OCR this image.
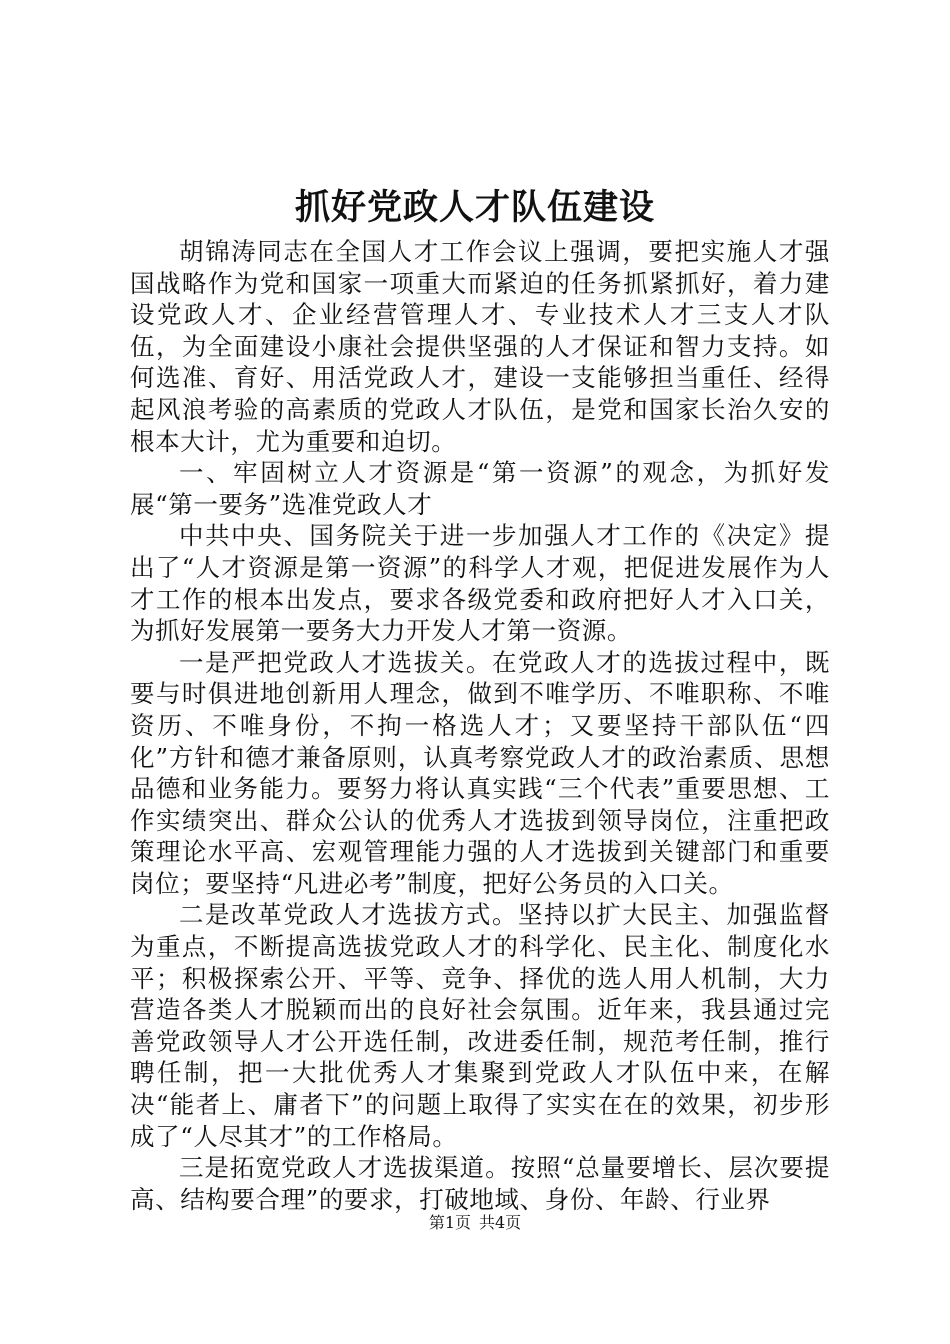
抓好党政人才队伍建设

胡锦涛同志在全国人才工作会议上强调，要把实施人才强国战略作为党和国家一项重大而紧迫的任务抓紧抓好，着力建设党政人才、企业经营管理人才、专业技术人才三支人才队伍，为全面建设小康社会提供坚强的人才保证和智力支持。如何选准、育好、用活党政人才，建设一支能够担当重任、经得起风浪考验的高素质的党政人才队伍，是党和国家长治久安的根本大计，尤为重要和迫切。

一、牢固树立人才资源是“第一资源”的观念，为抓好发展“第一要务”选准党政人才

中共中央、国务院关于进一步加强人才工作的《决定》提出了“人才资源是第一资源”的科学人才观，把促进发展作为人才工作的根本出发点，要求各级党委和政府把好人才入口关，为抓好发展第一要务大力开发人才第一资源。

一是严把党政人才选拔关。在党政人才的选拔过程中，既要与时俱进地创新用人理念，做到不唯学历、不唯职称、不唯资历、不唯身份，不拘一格选人才；又要坚持干部队伍“四化”方针和德才兼备原则，认真考察党政人才的政治素质、思想品德和业务能力。要努力将认真实践“三个代表”重要思想、工作实绩突出、群众公认的优秀人才选拔到领导岗位，注重把政策理论水平高、宏观管理能力强的人才选拔到关键部门和重要岗位；要坚持“凡进必考”制度，把好公务员的入口关。

二是改革党政人才选拔方式。坚持以扩大民主、加强监督为重点，不断提高选拔党政人才的科学化、民主化、制度化水平；积极探索公开、平等、竞争、择优的选人用人机制，大力营造各类人才脱颖而出的良好社会氛围。近年来，我县通过完善党政领导人才公开选任制，改进委任制，规范考任制，推行聘任制，把一大批优秀人才集聚到党政人才队伍中来，在解决“能者上、庸者下”的问题上取得了实实在在的效果，初步形成了“人尽其才”的工作格局。

三是拓宽党政人才选拔渠道。按照“总量要增长、层次要提高、结构要合理”的要求，打破地域、身份、年龄、行业界

第1页 共4页
